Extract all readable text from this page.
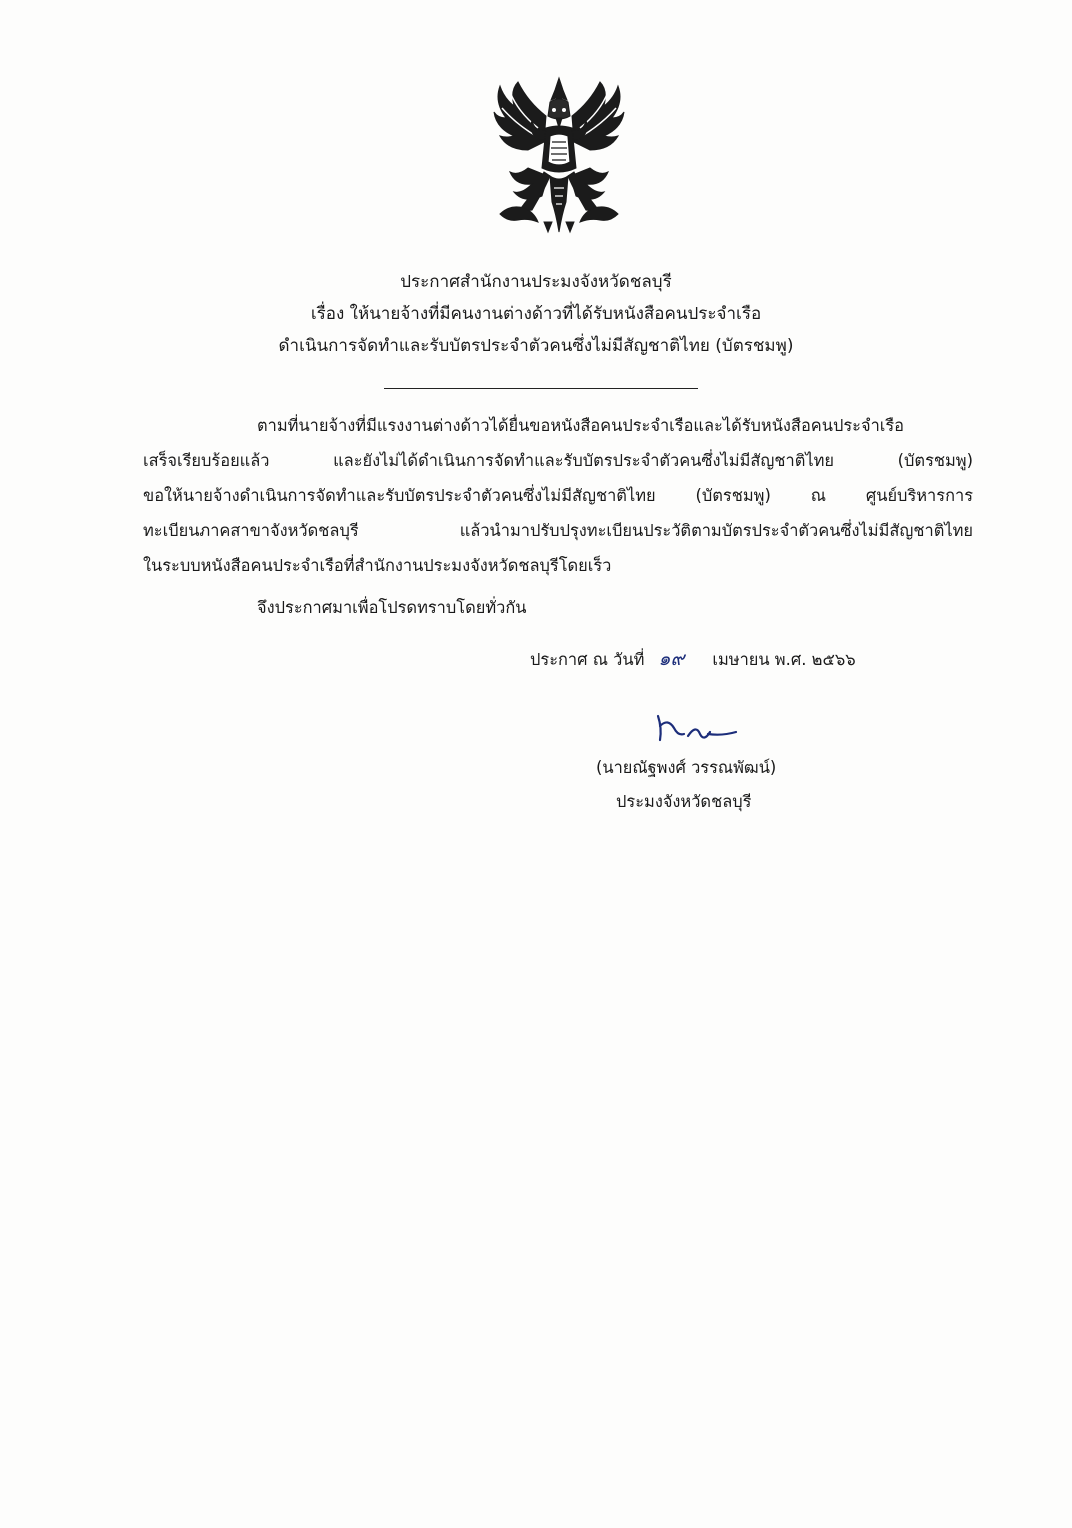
ประกาศสำนักงานประมงจังหวัดชลบุรี
เรื่อง ให้นายจ้างที่มีคนงานต่างด้าวที่ได้รับหนังสือคนประจำเรือ
ดำเนินการจัดทำและรับบัตรประจำตัวคนซึ่งไม่มีสัญชาติไทย (บัตรชมพู)
ตามที่นายจ้างที่มีแรงงานต่างด้าวได้ยื่นขอหนังสือคนประจำเรือและได้รับหนังสือคนประจำเรือ
เสร็จเรียบร้อยแล้ว และยังไม่ได้ดำเนินการจัดทำและรับบัตรประจำตัวคนซึ่งไม่มีสัญชาติไทย (บัตรชมพู)
ขอให้นายจ้างดำเนินการจัดทำและรับบัตรประจำตัวคนซึ่งไม่มีสัญชาติไทย (บัตรชมพู) ณ ศูนย์บริหารการ
ทะเบียนภาคสาขาจังหวัดชลบุรี แล้วนำมาปรับปรุงทะเบียนประวัติตามบัตรประจำตัวคนซึ่งไม่มีสัญชาติไทย
ในระบบหนังสือคนประจำเรือที่สำนักงานประมงจังหวัดชลบุรีโดยเร็ว
จึงประกาศมาเพื่อโปรดทราบโดยทั่วกัน
ประกาศ ณ วันที่ ๑๙ เมษายน พ.ศ. ๒๕๖๖
(นายณัฐพงศ์ วรรณพัฒน์)
ประมงจังหวัดชลบุรี
